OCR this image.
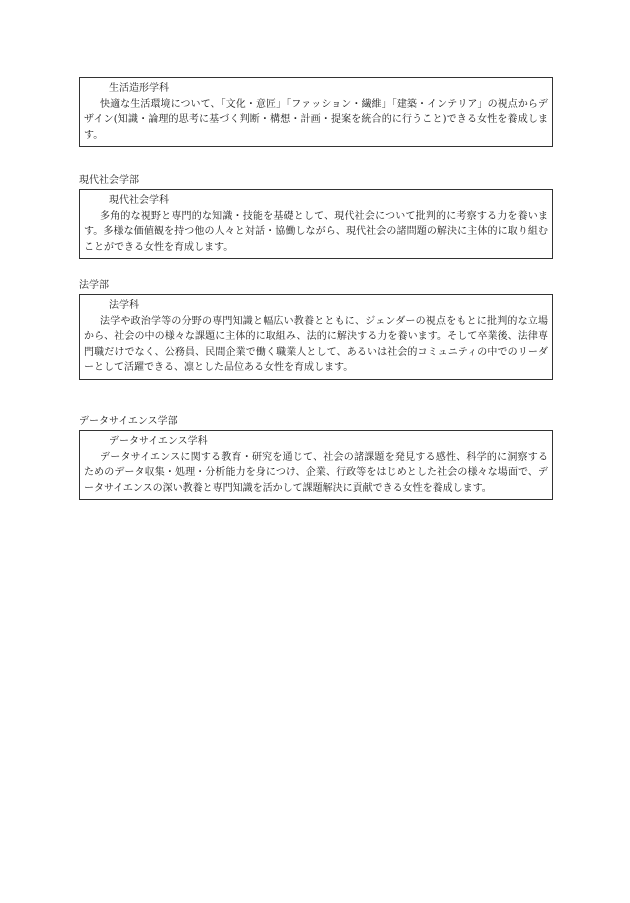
生活造形学科
快適な生活環境について、「文化・意匠」「ファッション・繊維」「建築・インテリア」の視点からデザイン(知識・論理的思考に基づく判断・構想・計画・提案を統合的に行うこと)できる女性を養成します。
現代社会学部
現代社会学科
多角的な視野と専門的な知識・技能を基礎として、現代社会について批判的に考察する力を養います。多様な価値観を持つ他の人々と対話・協働しながら、現代社会の諸問題の解決に主体的に取り組むことができる女性を育成します。
法学部
法学科
法学や政治学等の分野の専門知識と幅広い教養とともに、ジェンダーの視点をもとに批判的な立場から、社会の中の様々な課題に主体的に取組み、法的に解決する力を養います。そして卒業後、法律専門職だけでなく、公務員、民間企業で働く職業人として、あるいは社会的コミュニティの中でのリーダーとして活躍できる、凛とした品位ある女性を育成します。
データサイエンス学部
データサイエンス学科
データサイエンスに関する教育・研究を通じて、社会の諸課題を発見する感性、科学的に洞察するためのデータ収集・処理・分析能力を身につけ、企業、行政等をはじめとした社会の様々な場面で、データサイエンスの深い教養と専門知識を活かして課題解決に貢献できる女性を養成します。
